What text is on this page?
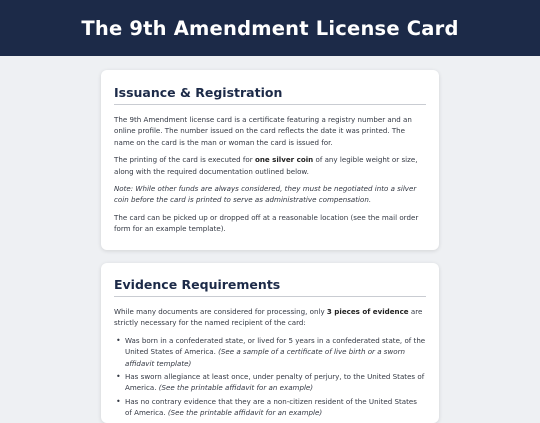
The 9th Amendment License Card
Issuance & Registration

The 9th Amendment license card is a certificate featuring a registry number and an online profile. The number issued on the card reflects the date it was printed. The name on the card is the man or woman the card is issued for.

The printing of the card is executed for one silver coin of any legible weight or size, along with the required documentation outlined below.

Note: While other funds are always considered, they must be negotiated into a silver coin before the card is printed to serve as administrative compensation.

The card can be picked up or dropped off at a reasonable location (see the mail order form for an example template).

Evidence Requirements

While many documents are considered for processing, only 3 pieces of evidence are strictly necessary for the named recipient of the card:

• Was born in a confederated state, or lived for 5 years in a confederated state, of the United States of America. (See a sample of a certificate of live birth or a sworn affidavit template)
• Has sworn allegiance at least once, under penalty of perjury, to the United States of America. (See the printable affidavit for an example)
• Has no contrary evidence that they are a non-citizen resident of the United States of America. (See the printable affidavit for an example)
